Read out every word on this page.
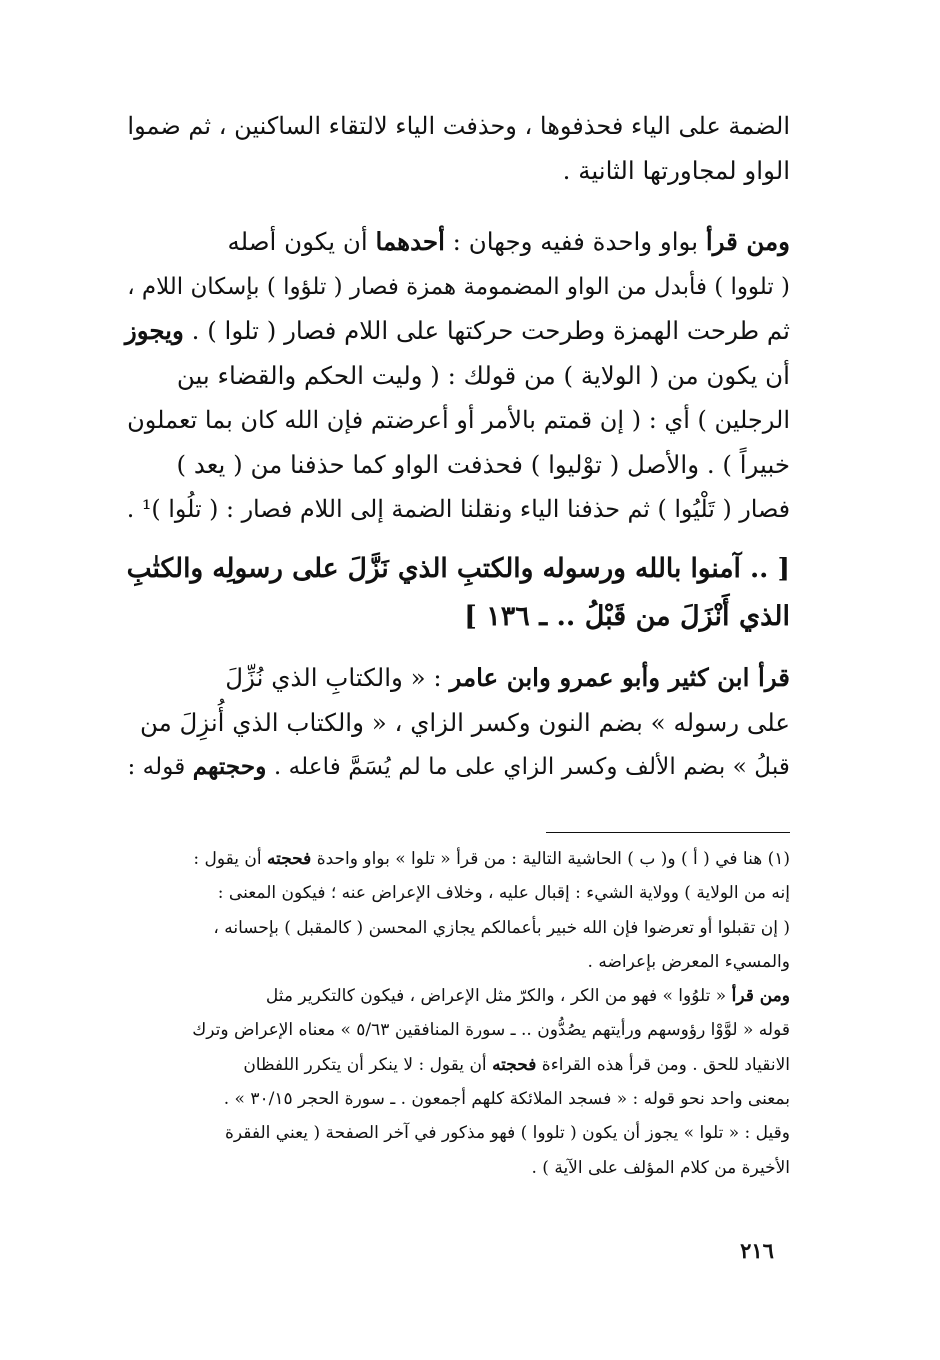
الضمة على الياء فحذفوها ، وحذفت الياء لالتقاء الساكنين ، ثم ضموا
الواو لمجاورتها الثانية .
ومن قرأ بواو واحدة ففيه وجهان : أحدهما أن يكون أصله
( تلووا ) فأبدل من الواو المضمومة همزة فصار ( تلؤوا ) بإسكان اللام ،
ثم طرحت الهمزة وطرحت حركتها على اللام فصار ( تلوا ) . ويجوز
أن يكون من ( الولاية ) من قولك : ( وليت الحكم والقضاء بين
الرجلين ) أي : ( إن قمتم بالأمر أو أعرضتم فإن الله كان بما تعملون
خبيراً ) . والأصل ( توْليوا ) فحذفت الواو كما حذفنا من ( يعد )
فصار ( تَلْيُوا ) ثم حذفنا الياء ونقلنا الضمة إلى اللام فصار : ( تلُوا )¹ .
[ .. آمنوا بالله ورسوله والكتبِ الذي نَزَّلَ على رسولِه والكتٰبِ
الذي أَنْزَلَ من قَبْلُ .. ـ ١٣٦ ]
قرأ ابن كثير وأبو عمرو وابن عامر : « والكتابِ الذي نُزِّلَ
على رسوله » بضم النون وكسر الزاي ، « والكتاب الذي أُنزِلَ من
قبلُ » بضم الألف وكسر الزاي على ما لم يُسَمَّ فاعله . وحجتهم قوله :
(١) هنا في ( أ ) و( ب ) الحاشية التالية : من قرأ « تلوا » بواو واحدة فحجته أن يقول :
إنه من الولاية ) وولاية الشيء : إقبال عليه ، وخلاف الإعراض عنه ؛ فيكون المعنى :
( إن تقبلوا أو تعرضوا فإن الله خبير بأعمالكم يجازي المحسن ( كالمقبل ) بإحسانه ،
والمسيء المعرض بإعراضه .
ومن قرأ « تلوُوا » فهو من الكر ، والكرّ مثل الإعراض ، فيكون كالتكرير مثل
قوله « لوَّوْا رؤوسهم ورأيتهم يصُدُّون .. ـ سورة المنافقين ٥/٦٣ » معناه الإعراض وترك
الانقياد للحق . ومن قرأ هذه القراءة فحجته أن يقول : لا ينكر أن يتكرر اللفظان
بمعنى واحد نحو قوله : « فسجد الملائكة كلهم أجمعون . ـ سورة الحجر ٣٠/١٥ » .
وقيل : « تلوا » يجوز أن يكون ( تلووا ) فهو مذكور في آخر الصفحة ( يعني الفقرة
الأخيرة من كلام المؤلف على الآية ) .
٢١٦
